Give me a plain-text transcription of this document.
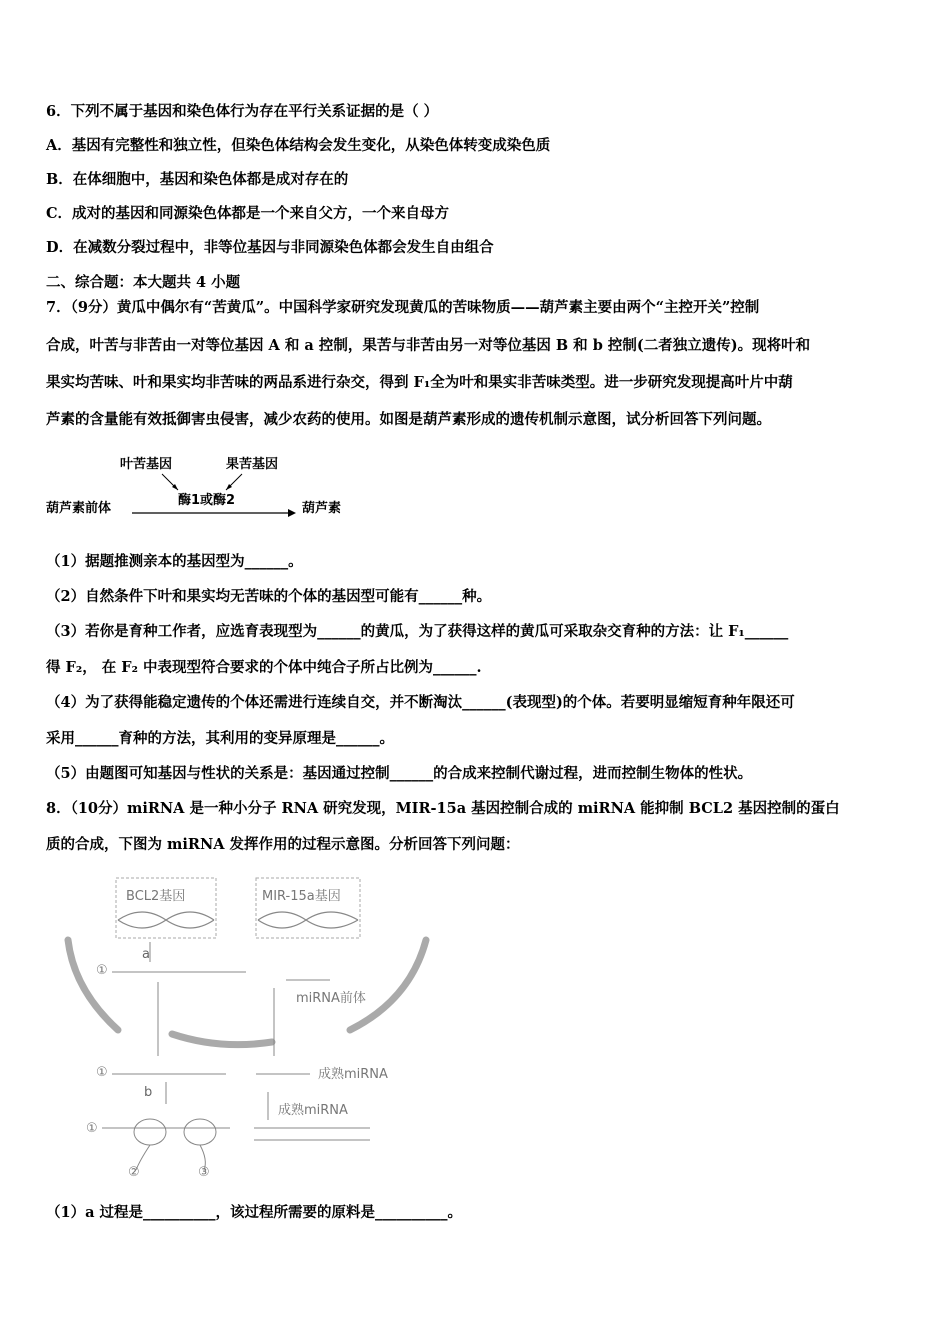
6．下列不属于基因和染色体行为存在平行关系证据的是（ ）
A．基因有完整性和独立性，但染色体结构会发生变化，从染色体转变成染色质
B．在体细胞中，基因和染色体都是成对存在的
C．成对的基因和同源染色体都是一个来自父方，一个来自母方
D．在减数分裂过程中，非等位基因与非同源染色体都会发生自由组合
二、综合题：本大题共 4 小题
7．（9分）黄瓜中偶尔有“苦黄瓜”。中国科学家研究发现黄瓜的苦味物质——葫芦素主要由两个“主控开关”控制
合成，叶苦与非苦由一对等位基因 A 和 a 控制，果苦与非苦由另一对等位基因 B 和 b 控制(二者独立遗传)。现将叶和
果实均苦味、叶和果实均非苦味的两品系进行杂交，得到 F₁全为叶和果实非苦味类型。进一步研究发现提高叶片中葫
芦素的含量能有效抵御害虫侵害，减少农药的使用。如图是葫芦素形成的遗传机制示意图，试分析回答下列问题。
叶苦基因	果苦基因
酶1或酶2
葫芦素前体	葫芦素
（1）据题推测亲本的基因型为______。
（2）自然条件下叶和果实均无苦味的个体的基因型可能有______种。
（3）若你是育种工作者，应选育表现型为______的黄瓜，为了获得这样的黄瓜可采取杂交育种的方法：让 F₁______
得 F₂， 在 F₂ 中表现型符合要求的个体中纯合子所占比例为______.
（4）为了获得能稳定遗传的个体还需进行连续自交，并不断淘汰______(表现型)的个体。若要明显缩短育种年限还可
采用______育种的方法，其利用的变异原理是______。
（5）由题图可知基因与性状的关系是：基因通过控制______的合成来控制代谢过程，进而控制生物体的性状。
8．（10分）miRNA 是一种小分子 RNA 研究发现，MIR-15a 基因控制合成的 miRNA 能抑制 BCL2 基因控制的蛋白
质的合成，下图为 miRNA 发挥作用的过程示意图。分析回答下列问题：
BCL2基因	MIR-15a基因
a
①
miRNA前体
①	成熟miRNA
b
成熟miRNA
①
②	③
（1）a 过程是__________，该过程所需要的原料是__________。
